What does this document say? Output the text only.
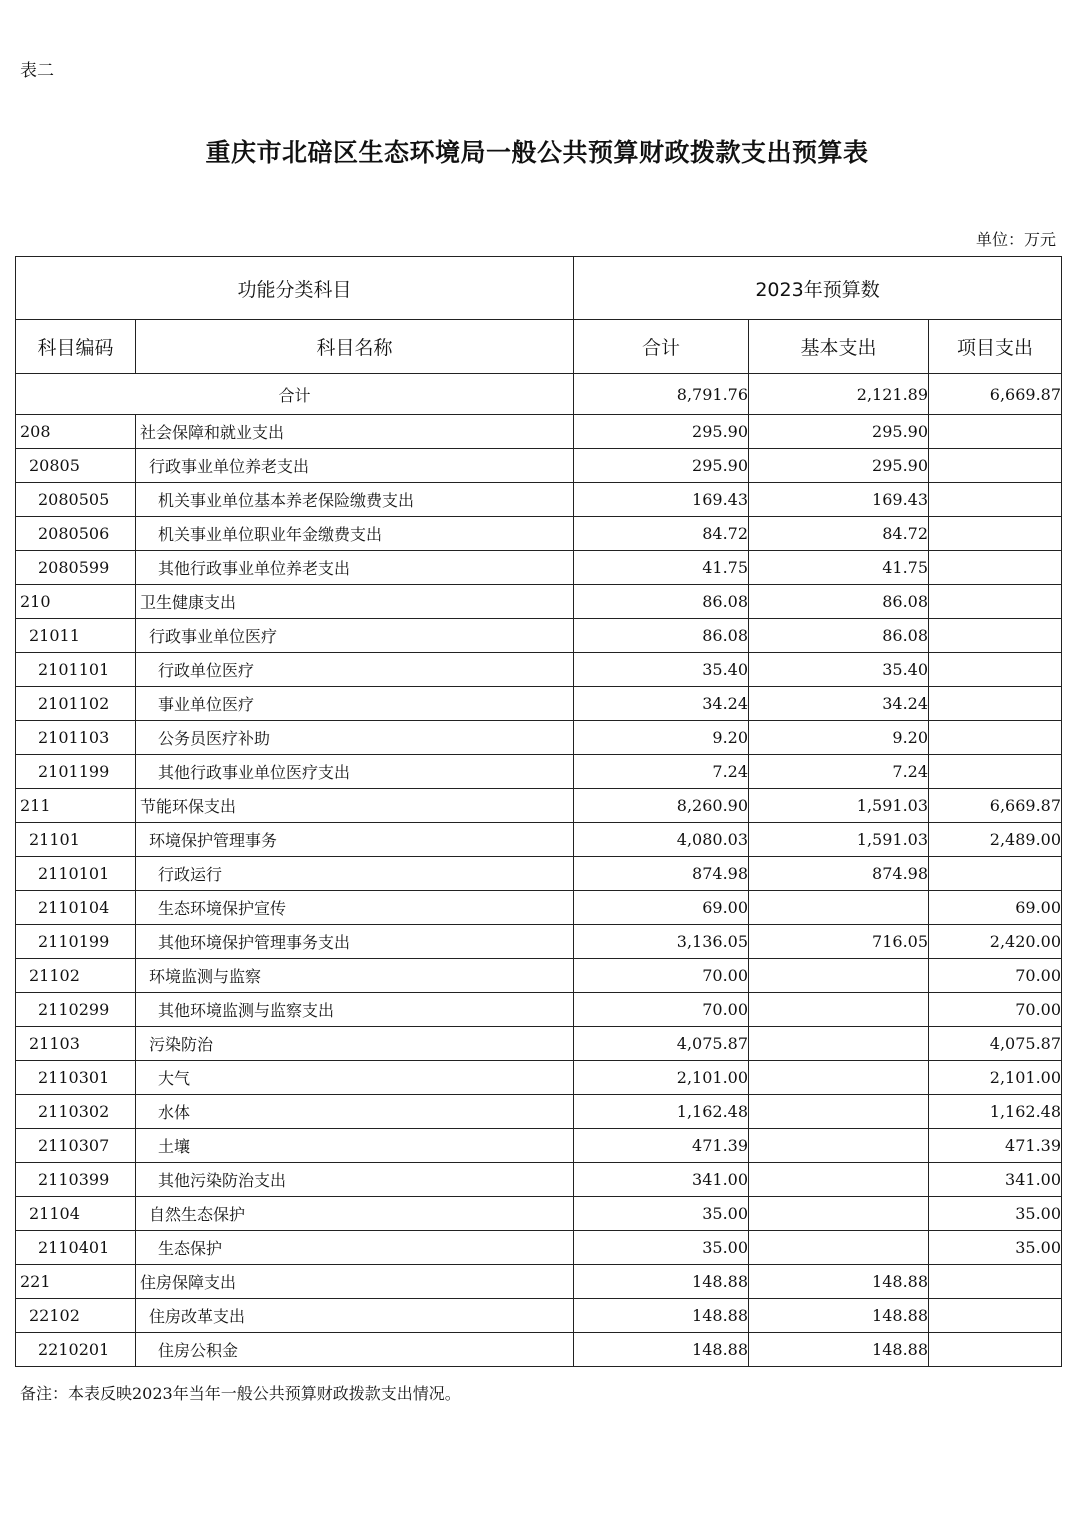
表二
重庆市北碚区生态环境局一般公共预算财政拨款支出预算表
单位：万元
功能分类科目		2023年预算数		
科目编码	科目名称	合计	基本支出	项目支出
合计		8,791.76	2,121.89	6,669.87
208	社会保障和就业支出	295.90	295.90	
20805	行政事业单位养老支出	295.90	295.90	
2080505	机关事业单位基本养老保险缴费支出	169.43	169.43	
2080506	机关事业单位职业年金缴费支出	84.72	84.72	
2080599	其他行政事业单位养老支出	41.75	41.75	
210	卫生健康支出	86.08	86.08	
21011	行政事业单位医疗	86.08	86.08	
2101101	行政单位医疗	35.40	35.40	
2101102	事业单位医疗	34.24	34.24	
2101103	公务员医疗补助	9.20	9.20	
2101199	其他行政事业单位医疗支出	7.24	7.24	
211	节能环保支出	8,260.90	1,591.03	6,669.87
21101	环境保护管理事务	4,080.03	1,591.03	2,489.00
2110101	行政运行	874.98	874.98	
2110104	生态环境保护宣传	69.00		69.00
2110199	其他环境保护管理事务支出	3,136.05	716.05	2,420.00
21102	环境监测与监察	70.00		70.00
2110299	其他环境监测与监察支出	70.00		70.00
21103	污染防治	4,075.87		4,075.87
2110301	大气	2,101.00		2,101.00
2110302	水体	1,162.48		1,162.48
2110307	土壤	471.39		471.39
2110399	其他污染防治支出	341.00		341.00
21104	自然生态保护	35.00		35.00
2110401	生态保护	35.00		35.00
221	住房保障支出	148.88	148.88	
22102	住房改革支出	148.88	148.88	
2210201	住房公积金	148.88	148.88	
备注：本表反映2023年当年一般公共预算财政拨款支出情况。
